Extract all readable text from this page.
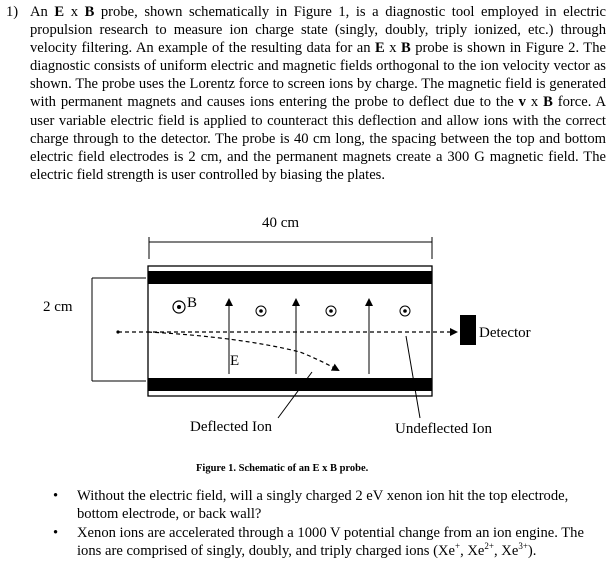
1) An E x B probe, shown schematically in Figure 1, is a diagnostic tool employed in electric propulsion research to measure ion charge state (singly, doubly, triply ionized, etc.) through velocity filtering. An example of the resulting data for an E x B probe is shown in Figure 2. The diagnostic consists of uniform electric and magnetic fields orthogonal to the ion velocity vector as shown. The probe uses the Lorentz force to screen ions by charge. The magnetic field is generated with permanent magnets and causes ions entering the probe to deflect due to the v x B force. A user variable electric field is applied to counteract this deflection and allow ions with the correct charge through to the detector. The probe is 40 cm long, the spacing between the top and bottom electric field electrodes is 2 cm, and the permanent magnets create a 300 G magnetic field. The electric field strength is user controlled by biasing the plates.
40 cm
2 cm	B
E
Detector
Deflected Ion	Undeflected Ion
Figure 1. Schematic of an E x B probe.
• Without the electric field, will a singly charged 2 eV xenon ion hit the top electrode, bottom electrode, or back wall?
• Xenon ions are accelerated through a 1000 V potential change from an ion engine. The ions are comprised of singly, doubly, and triply charged ions (Xe+, $Xe^{2+}$, $Xe^{3+}$).
